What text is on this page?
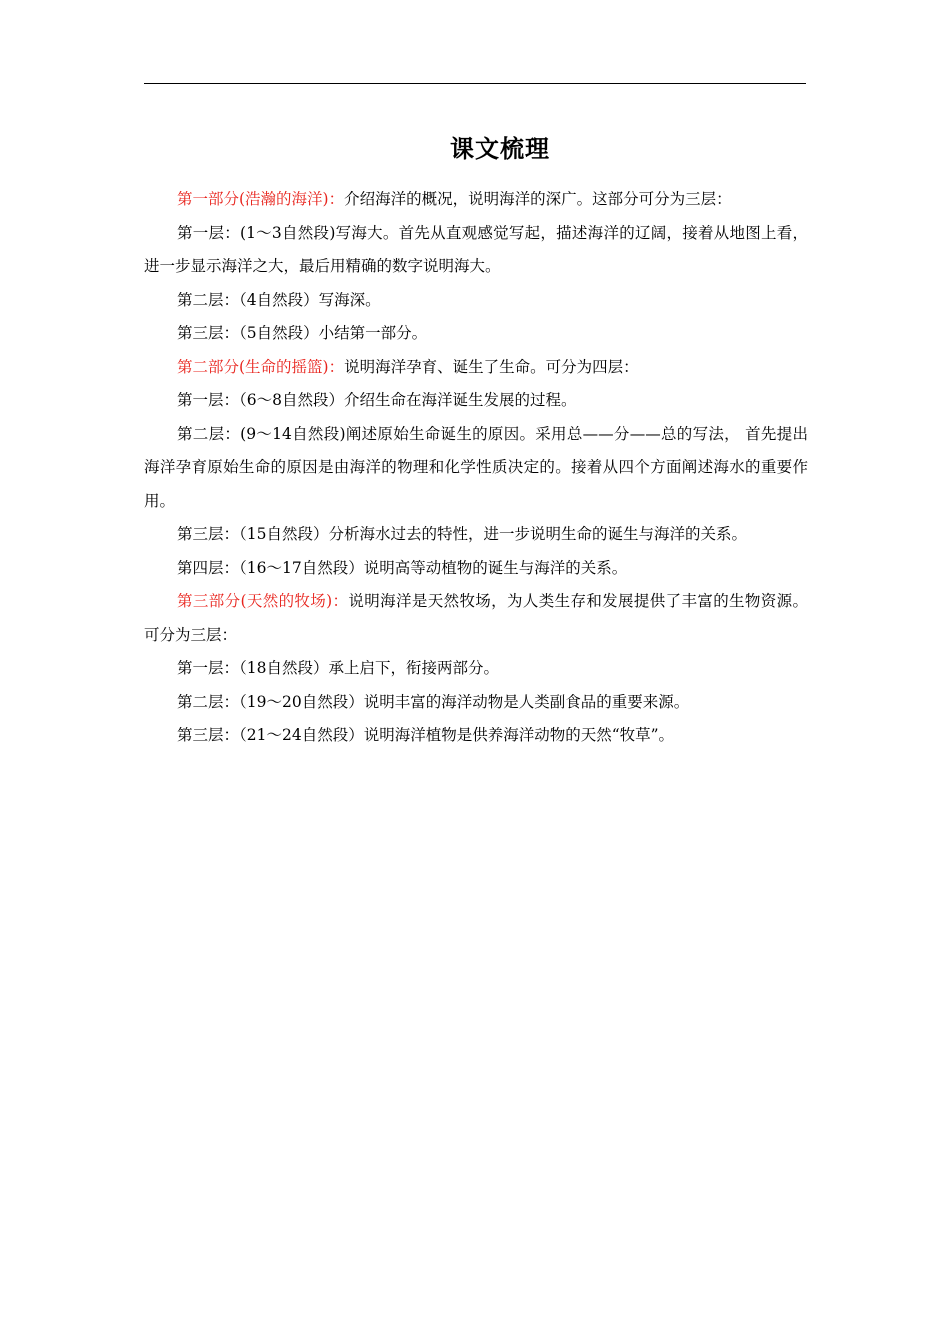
课文梳理

第一部分(浩瀚的海洋)：介绍海洋的概况，说明海洋的深广。这部分可分为三层：

第一层：(1～3自然段)写海大。首先从直观感觉写起，描述海洋的辽阔，接着从地图上看，进一步显示海洋之大，最后用精确的数字说明海大。

第二层：（4自然段）写海深。

第三层：（5自然段）小结第一部分。

第二部分(生命的摇篮)：说明海洋孕育、诞生了生命。可分为四层：

第一层：（6～8自然段）介绍生命在海洋诞生发展的过程。

第二层：(9～14自然段)阐述原始生命诞生的原因。采用总——分——总的写法， 首先提出海洋孕育原始生命的原因是由海洋的物理和化学性质决定的。接着从四个方面阐述海水的重要作用。

第三层：（15自然段）分析海水过去的特性，进一步说明生命的诞生与海洋的关系。

第四层：（16～17自然段）说明高等动植物的诞生与海洋的关系。

第三部分(天然的牧场)：说明海洋是天然牧场，为人类生存和发展提供了丰富的生物资源。 可分为三层：

第一层：（18自然段）承上启下，衔接两部分。

第二层：（19～20自然段）说明丰富的海洋动物是人类副食品的重要来源。

第三层：（21～24自然段）说明海洋植物是供养海洋动物的天然“牧草”。
